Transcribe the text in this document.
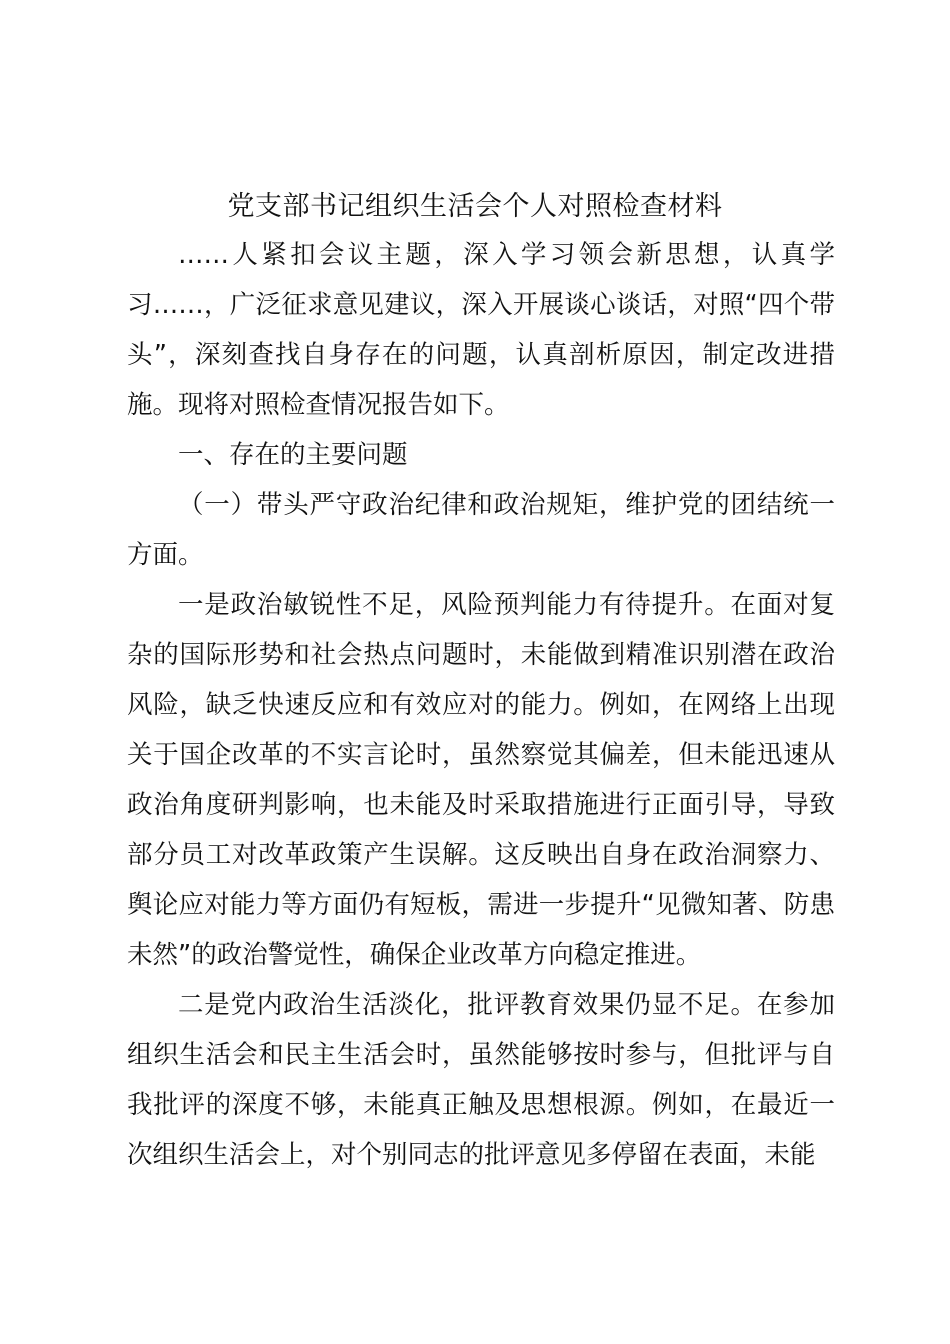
党支部书记组织生活会个人对照检查材料

……人紧扣会议主题，深入学习领会新思想，认真学习……，广泛征求意见建议，深入开展谈心谈话，对照“四个带头”，深刻查找自身存在的问题，认真剖析原因，制定改进措施。现将对照检查情况报告如下。

一、存在的主要问题

（一）带头严守政治纪律和政治规矩，维护党的团结统一方面。

一是政治敏锐性不足，风险预判能力有待提升。在面对复杂的国际形势和社会热点问题时，未能做到精准识别潜在政治风险，缺乏快速反应和有效应对的能力。例如，在网络上出现关于国企改革的不实言论时，虽然察觉其偏差，但未能迅速从政治角度研判影响，也未能及时采取措施进行正面引导，导致部分员工对改革政策产生误解。这反映出自身在政治洞察力、舆论应对能力等方面仍有短板，需进一步提升“见微知著、防患未然”的政治警觉性，确保企业改革方向稳定推进。

二是党内政治生活淡化，批评教育效果仍显不足。在参加组织生活会和民主生活会时，虽然能够按时参与，但批评与自我批评的深度不够，未能真正触及思想根源。例如，在最近一次组织生活会上，对个别同志的批评意见多停留在表面，未能
